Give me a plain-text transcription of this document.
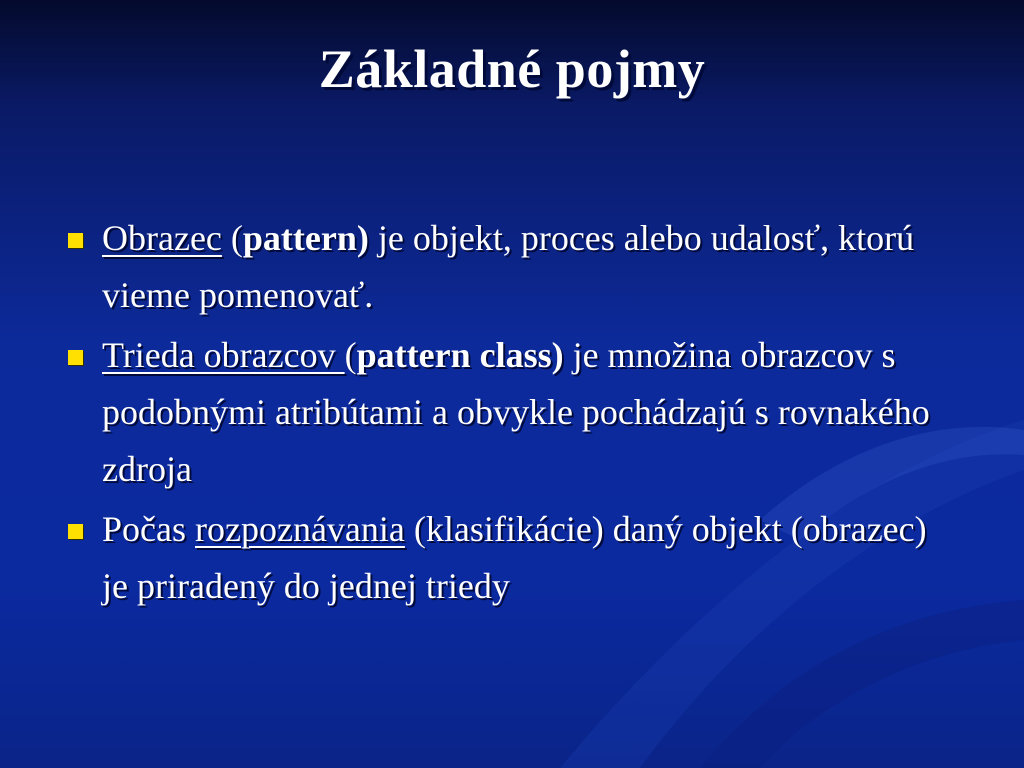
Základné pojmy
Obrazec (pattern) je objekt, proces alebo udalosť, ktorú vieme pomenovať.
Trieda obrazcov (pattern class) je množina obrazcov s podobnými atribútami a obvykle pochádzajú s rovnakého zdroja
Počas rozpoznávania (klasifikácie) daný objekt (obrazec) je priradený do jednej triedy
